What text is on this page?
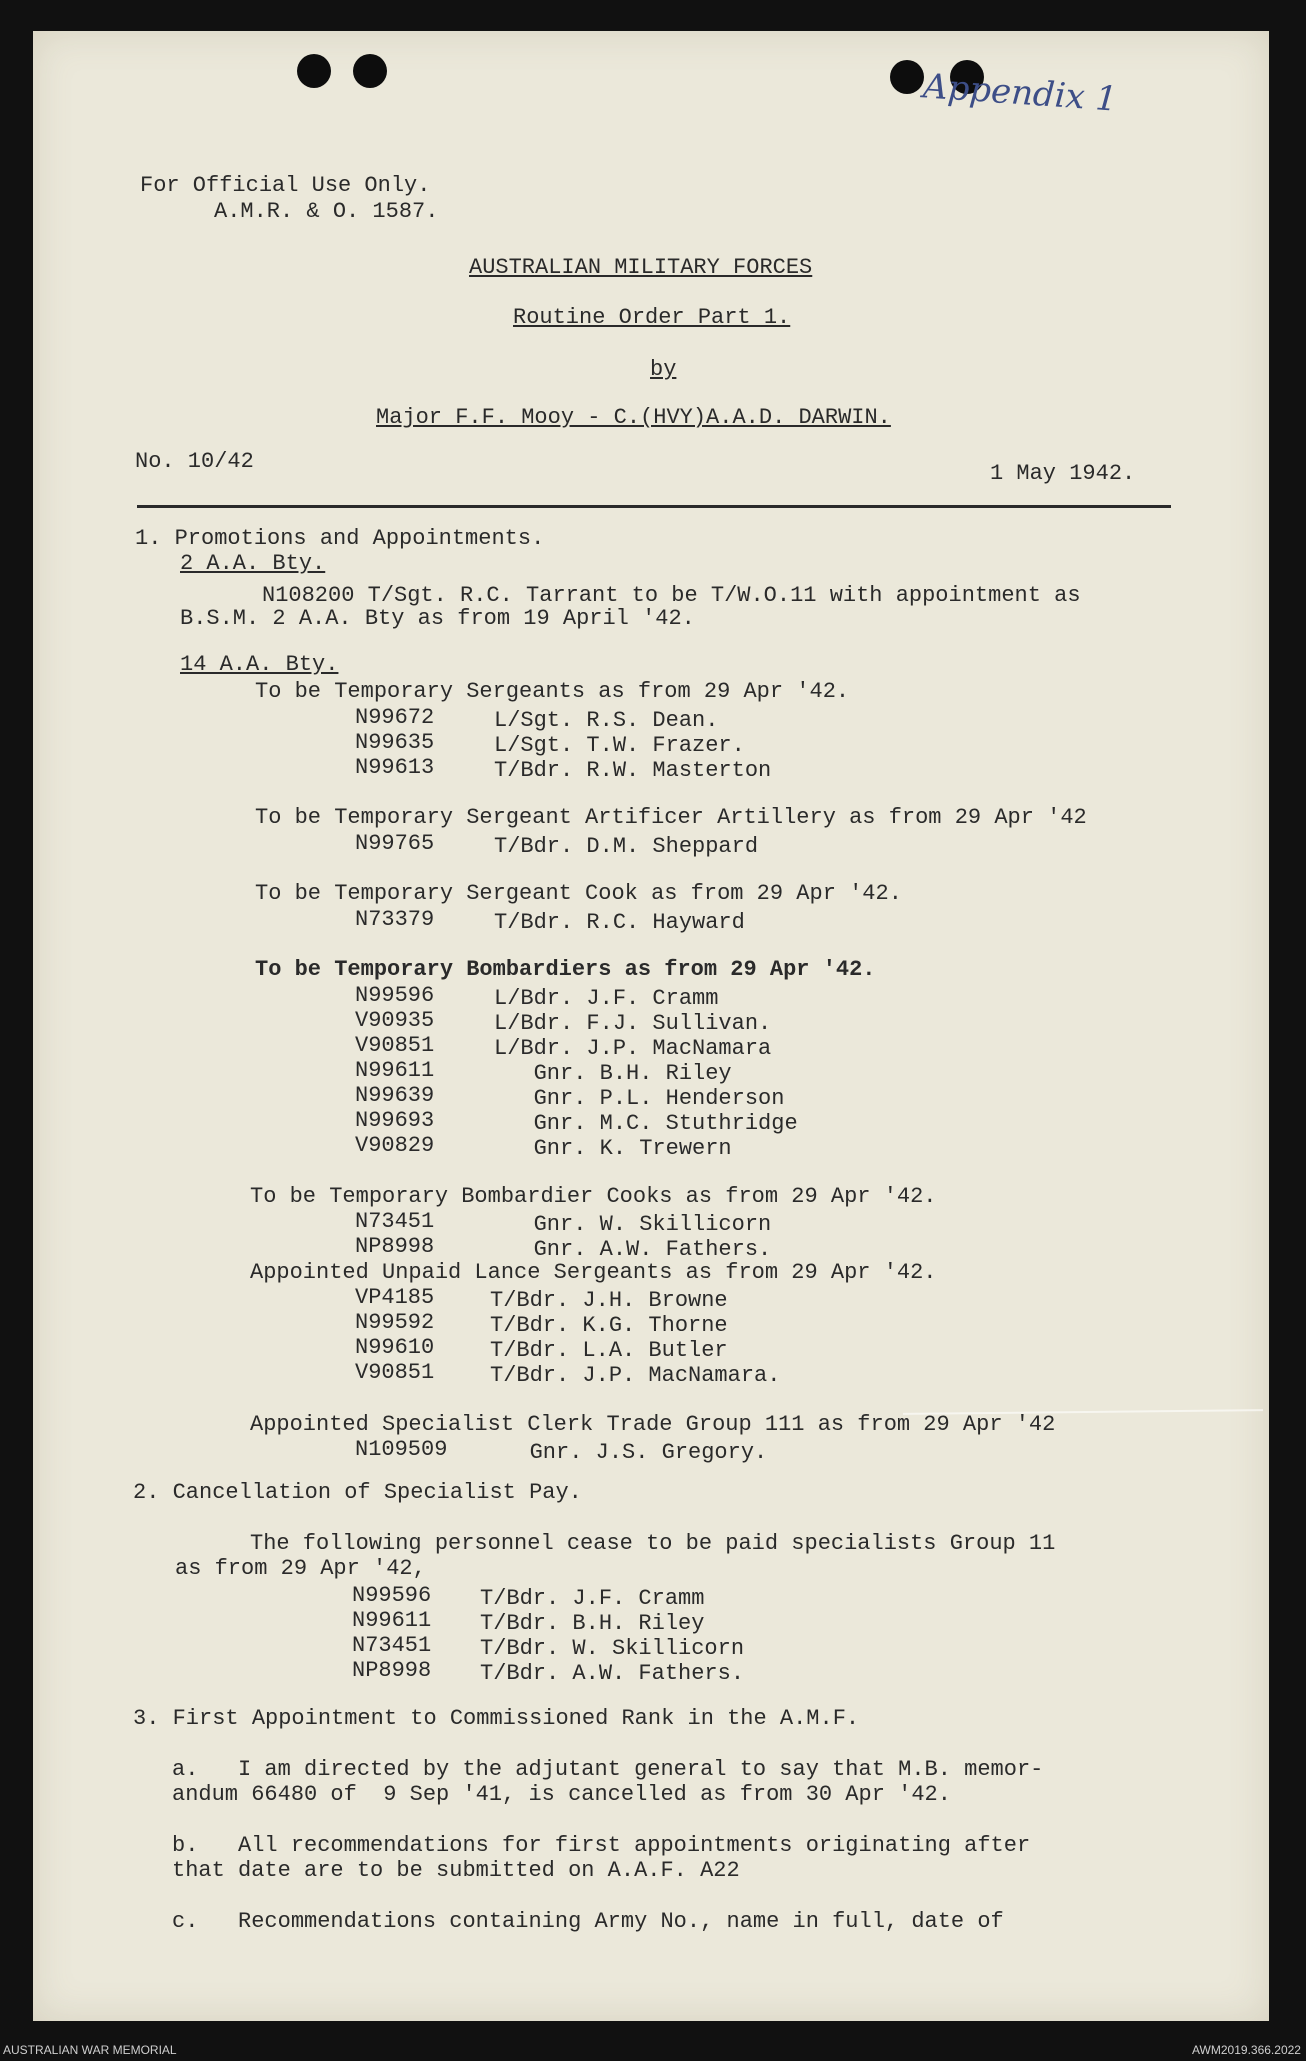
Appendix 1
For Official Use Only.
A.M.R. & O. 1587.
AUSTRALIAN MILITARY FORCES
Routine Order Part 1.
by
Major F.F. Mooy - C.(HVY)A.A.D. DARWIN.
No. 10/42	1 May 1942.
1. Promotions and Appointments.
2 A.A. Bty.
N108200 T/Sgt. R.C. Tarrant to be T/W.O.11 with appointment as
B.S.M. 2 A.A. Bty as from 19 April '42.
14 A.A. Bty.
To be Temporary Sergeants as from 29 Apr '42.
N99672	L/Sgt. R.S. Dean.
N99635	L/Sgt. T.W. Frazer.
N99613	T/Bdr. R.W. Masterton
To be Temporary Sergeant Artificer Artillery as from 29 Apr '42
N99765	T/Bdr. D.M. Sheppard
To be Temporary Sergeant Cook as from 29 Apr '42.
N73379	T/Bdr. R.C. Hayward
To be Temporary Bombardiers as from 29 Apr '42.
N99596	L/Bdr. J.F. Cramm
V90935	L/Bdr. F.J. Sullivan.
V90851	L/Bdr. J.P. MacNamara
N99611	Gnr. B.H. Riley
N99639	Gnr. P.L. Henderson
N99693	Gnr. M.C. Stuthridge
V90829	Gnr. K. Trewern
To be Temporary Bombardier Cooks as from 29 Apr '42.
N73451	Gnr. W. Skillicorn
NP8998	Gnr. A.W. Fathers.
Appointed Unpaid Lance Sergeants as from 29 Apr '42.
VP4185	T/Bdr. J.H. Browne
N99592	T/Bdr. K.G. Thorne
N99610	T/Bdr. L.A. Butler
V90851	T/Bdr. J.P. MacNamara.
Appointed Specialist Clerk Trade Group 111 as from 29 Apr '42
N109509 Gnr. J.S. Gregory.
2. Cancellation of Specialist Pay.
The following personnel cease to be paid specialists Group 11
as from 29 Apr '42,
N99596 T/Bdr. J.F. Cramm
N99611 T/Bdr. B.H. Riley
N73451 T/Bdr. W. Skillicorn
NP8998 T/Bdr. A.W. Fathers.
3. First Appointment to Commissioned Rank in the A.M.F.
a.   I am directed by the adjutant general to say that M.B. memor-
andum 66480 of  9 Sep '41, is cancelled as from 30 Apr '42.
b.   All recommendations for first appointments originating after
that date are to be submitted on A.A.F. A22
c.   Recommendations containing Army No., name in full, date of
AUSTRALIAN WAR MEMORIAL	AWM2019.366.2022
